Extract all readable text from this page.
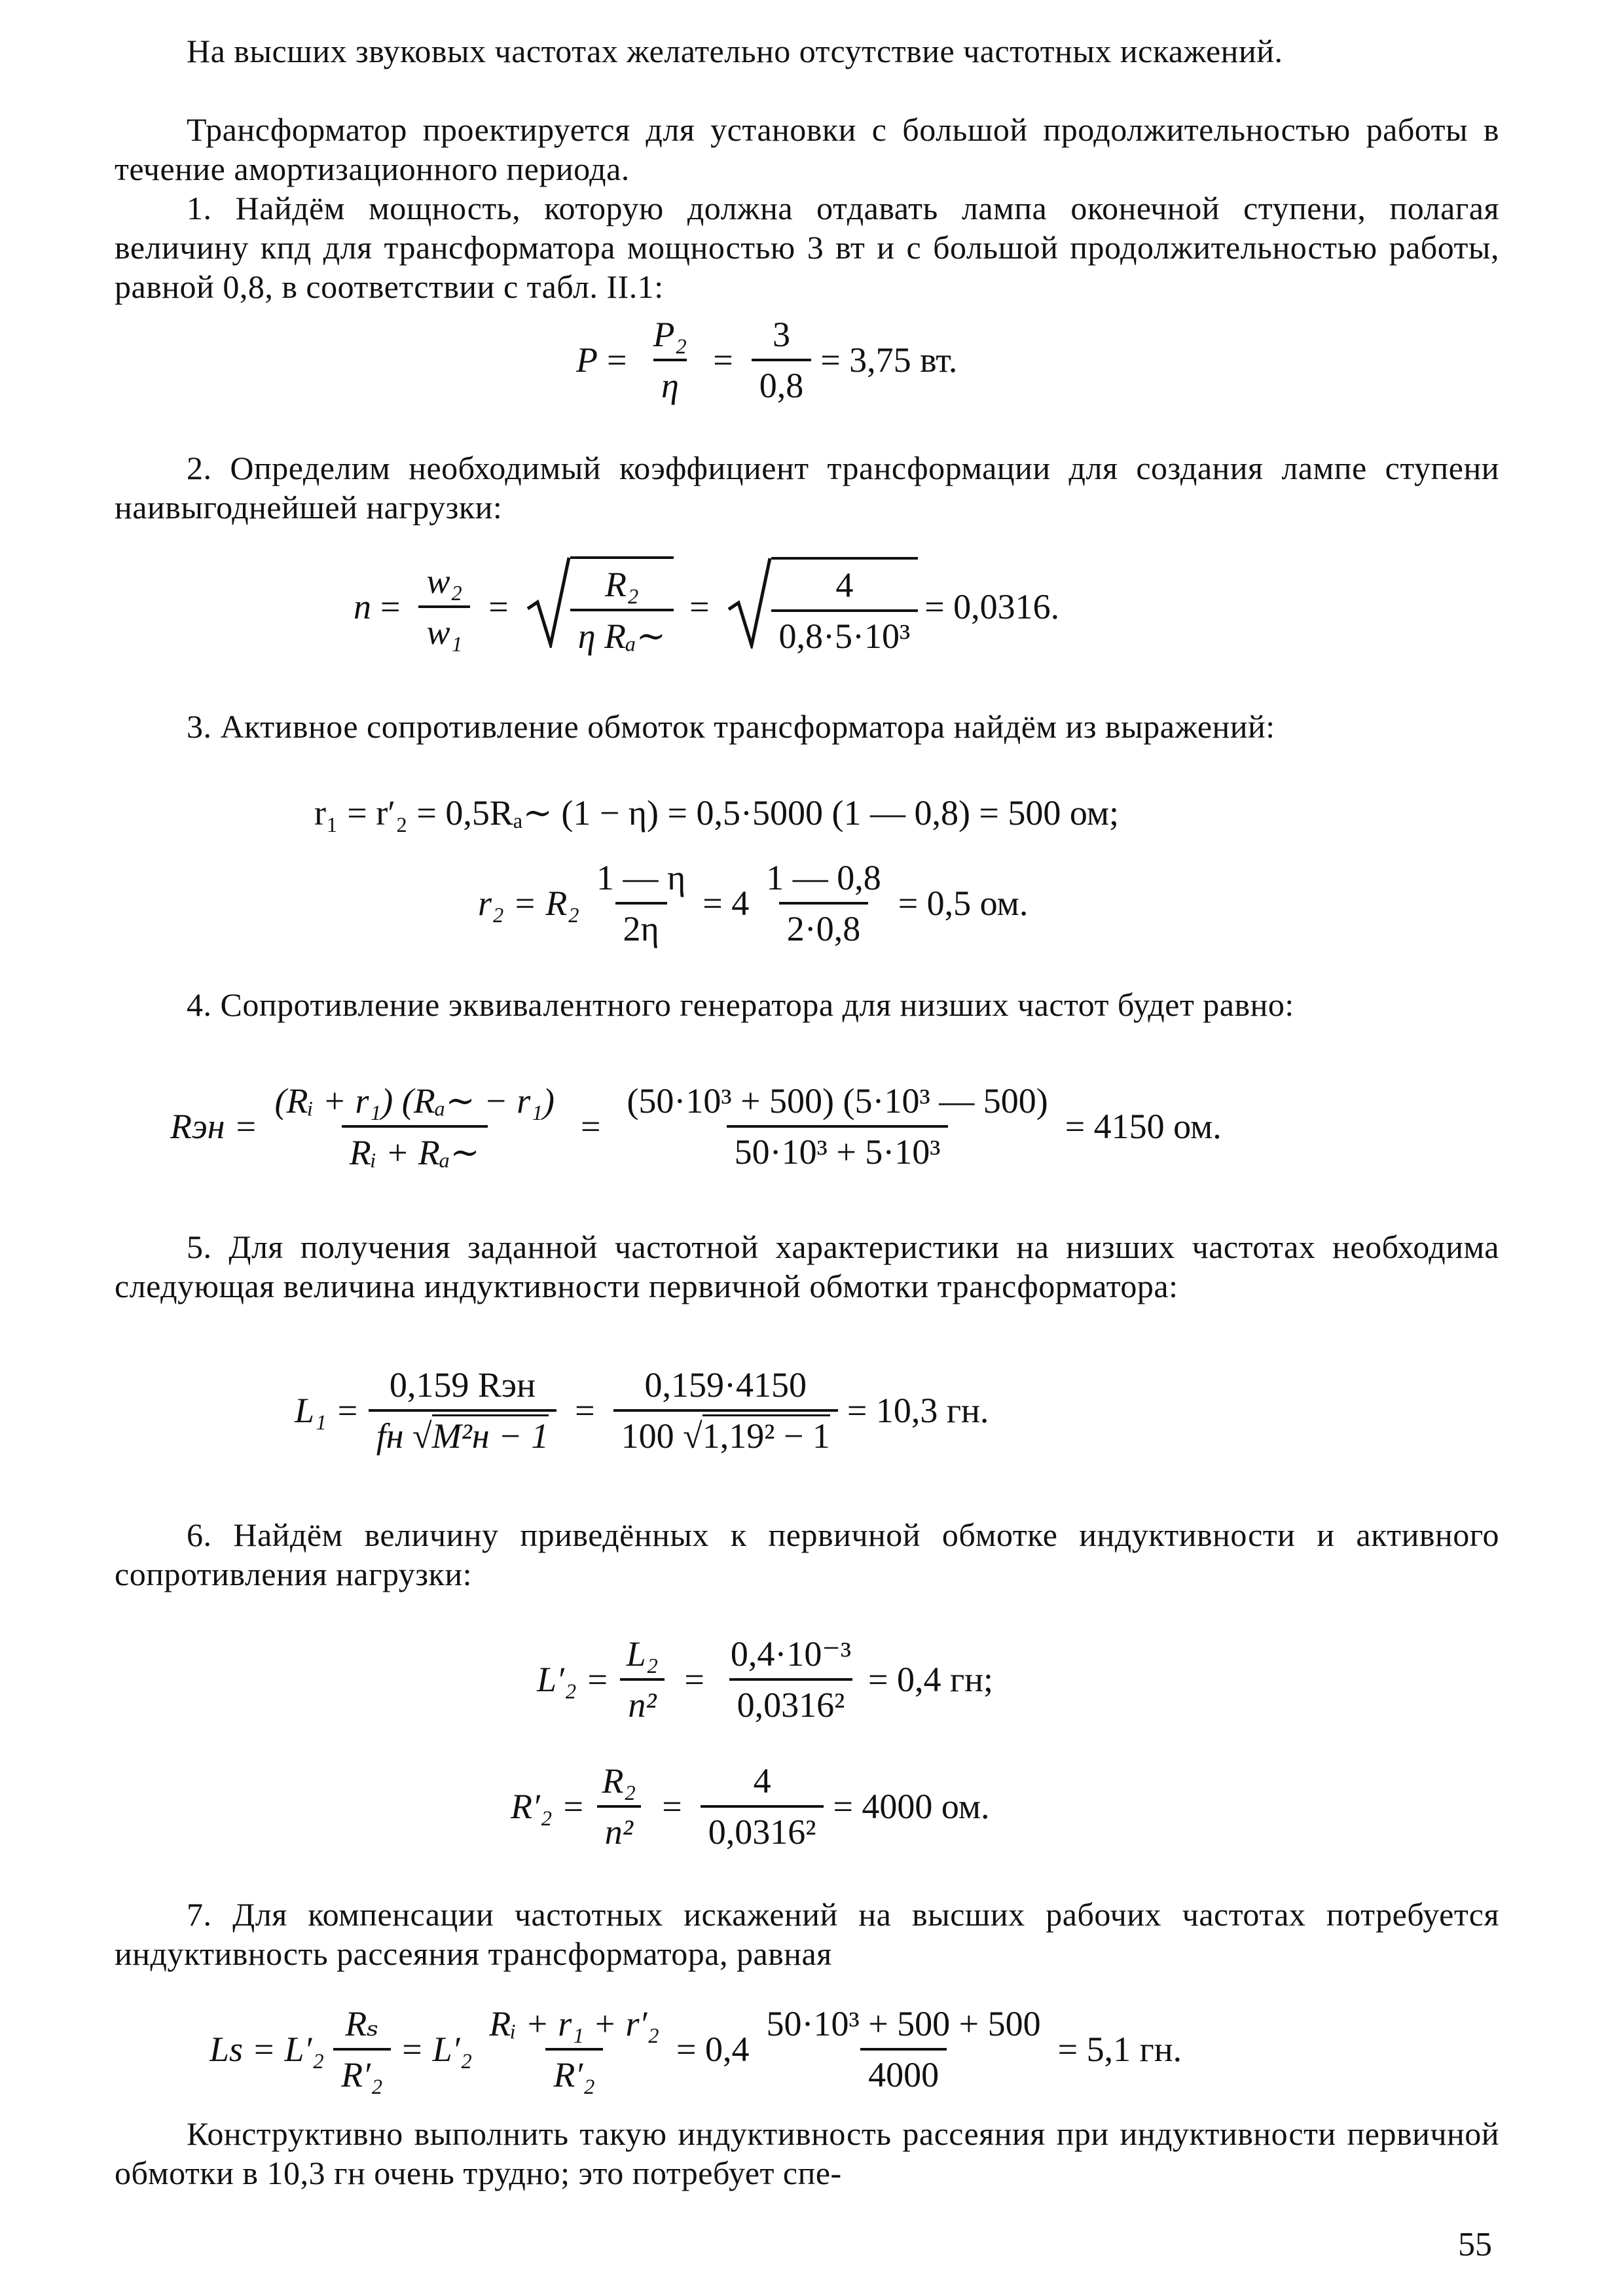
На высших звуковых частотах желательно отсутствие частотных искажений.

Трансформатор проектируется для установки с большой продолжительностью работы в течение амортизационного периода.

1. Найдём мощность, которую должна отдавать лампа оконечной ступени, полагая величину кпд для трансформатора мощностью 3 вт и с большой продолжительностью работы, равной 0,8, в соответствии с табл. II.1:

$P = \frac{\text{P₂}}{\eta} = \frac{3}{0,8} = 3,75$ вт.

2. Определим необходимый коэффициент трансформации для создания лампе ступени наивыгоднейшей нагрузки:

$n = \frac{\text{w₂}}{\text{w₁}} = \frac{\text{R₂}}{\text{η Rₐ∼}} = \frac{4}{\text{0,8·5·10³}} = 0,0316$.

3. Активное сопротивление обмоток трансформатора найдём из выражений:

r₁ = r′₂ = 0,5Rₐ∼ (1 − η) = 0,5·5000 (1 — 0,8) = 500 ом;
$r_2 = R_2 \frac{1 — \eta}{2\eta} = 4 \frac{1 — 0,8}{2\cdot 0,8} = 0,5$ ом.

4. Сопротивление эквивалентного генератора для низших частот будет равно:

Rэн = $\frac{\text{(Rᵢ + r₁) (Rₐ∼ − r₁)}}{\text{Rᵢ + Rₐ∼}} = \frac{\text{(50·10³ + 500) (5·10³ — 500)}}{\text{50·10³ + 5·10³}} = 4150$ ом.

5. Для получения заданной частотной характеристики на низших частотах необходима следующая величина индуктивности первичной обмотки трансформатора:

$L_1 = \frac{\text{0,159 Rэн}}{\text{fн √M²н − 1}} = \frac{0,159\cdot 4150}{\text{100 √1,19² − 1}} = 10,3$ гн.

6. Найдём величину приведённых к первичной обмотке индуктивности и активного сопротивления нагрузки:

$L'_2 = \frac{\text{L₂}}{\text{n²}} = \frac{\text{0,4·10⁻³}}{\text{0,0316²}} = 0,4$ гн;
$R'_2 = \frac{\text{R₂}}{\text{n²}} = \frac{4}{\text{0,0316²}} = 4000$ ом.

7. Для компенсации частотных искажений на высших рабочих частотах потребуется индуктивность рассеяния трансформатора, равная

$Ls = L'_2 \frac{\text{Rₛ}}{\text{R′₂}} = L'_2 \frac{\text{Rᵢ + r₁ + r′₂}}{\text{R′₂}} = 0,4 \frac{\text{50·10³ + 500 + 500}}{4000} = 5,1$ гн.

Конструктивно выполнить такую индуктивность рассеяния при индуктивности первичной обмотки в 10,3 гн очень трудно; это потребует спе-

55
